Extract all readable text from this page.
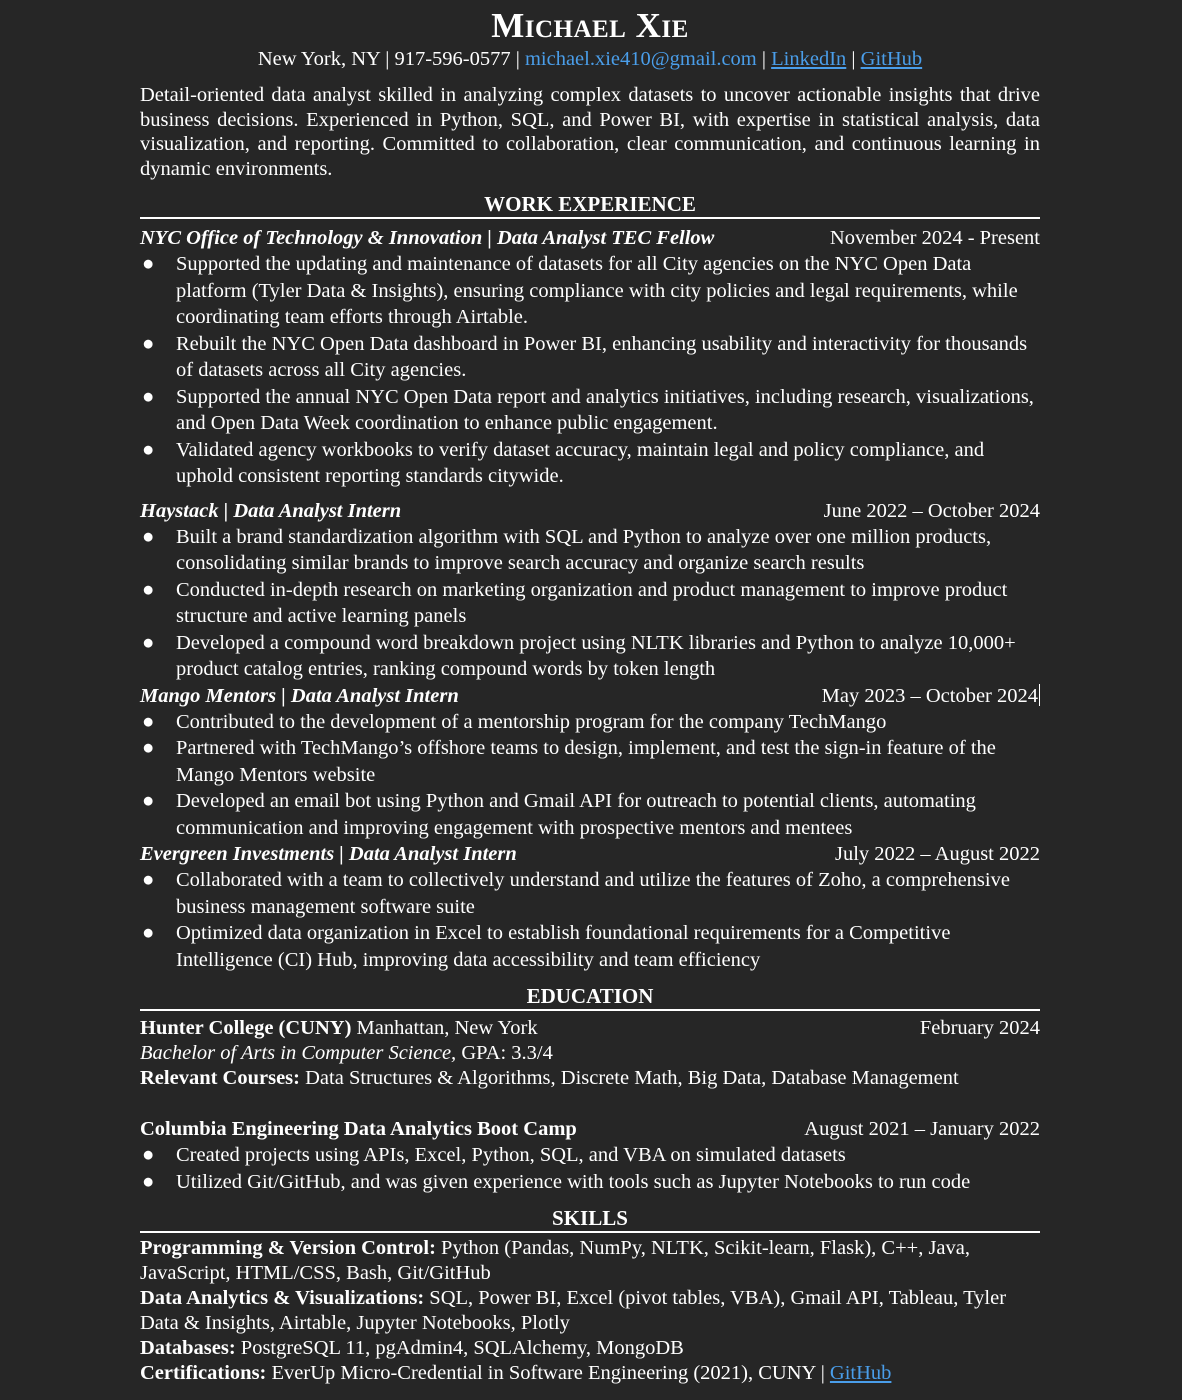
Michael Xie
New York, NY | 917-596-0577 | michael.xie410@gmail.com | LinkedIn | GitHub
Detail-oriented data analyst skilled in analyzing complex datasets to uncover actionable insights that drive business decisions. Experienced in Python, SQL, and Power BI, with expertise in statistical analysis, data visualization, and reporting. Committed to collaboration, clear communication, and continuous learning in dynamic environments.
WORK EXPERIENCE
NYC Office of Technology & Innovation | Data Analyst TEC Fellow	November 2024 - Present
● Supported the updating and maintenance of datasets for all City agencies on the NYC Open Data platform (Tyler Data & Insights), ensuring compliance with city policies and legal requirements, while coordinating team efforts through Airtable.
● Rebuilt the NYC Open Data dashboard in Power BI, enhancing usability and interactivity for thousands of datasets across all City agencies.
● Supported the annual NYC Open Data report and analytics initiatives, including research, visualizations, and Open Data Week coordination to enhance public engagement.
● Validated agency workbooks to verify dataset accuracy, maintain legal and policy compliance, and uphold consistent reporting standards citywide.
Haystack | Data Analyst Intern	June 2022 – October 2024
● Built a brand standardization algorithm with SQL and Python to analyze over one million products, consolidating similar brands to improve search accuracy and organize search results
● Conducted in-depth research on marketing organization and product management to improve product structure and active learning panels
● Developed a compound word breakdown project using NLTK libraries and Python to analyze 10,000+ product catalog entries, ranking compound words by token length
Mango Mentors | Data Analyst Intern	May 2023 – October 2024
● Contributed to the development of a mentorship program for the company TechMango
● Partnered with TechMango’s offshore teams to design, implement, and test the sign-in feature of the Mango Mentors website
● Developed an email bot using Python and Gmail API for outreach to potential clients, automating communication and improving engagement with prospective mentors and mentees
Evergreen Investments | Data Analyst Intern	July 2022 – August 2022
● Collaborated with a team to collectively understand and utilize the features of Zoho, a comprehensive business management software suite
● Optimized data organization in Excel to establish foundational requirements for a Competitive Intelligence (CI) Hub, improving data accessibility and team efficiency
EDUCATION
Hunter College (CUNY) Manhattan, New York	February 2024
Bachelor of Arts in Computer Science, GPA: 3.3/4
Relevant Courses: Data Structures & Algorithms, Discrete Math, Big Data, Database Management
Columbia Engineering Data Analytics Boot Camp	August 2021 – January 2022
● Created projects using APIs, Excel, Python, SQL, and VBA on simulated datasets
● Utilized Git/GitHub, and was given experience with tools such as Jupyter Notebooks to run code
SKILLS
Programming & Version Control: Python (Pandas, NumPy, NLTK, Scikit-learn, Flask), C++, Java, JavaScript, HTML/CSS, Bash, Git/GitHub
Data Analytics & Visualizations: SQL, Power BI, Excel (pivot tables, VBA), Gmail API, Tableau, Tyler Data & Insights, Airtable, Jupyter Notebooks, Plotly
Databases: PostgreSQL 11, pgAdmin4, SQLAlchemy, MongoDB
Certifications: EverUp Micro-Credential in Software Engineering (2021), CUNY | GitHub
